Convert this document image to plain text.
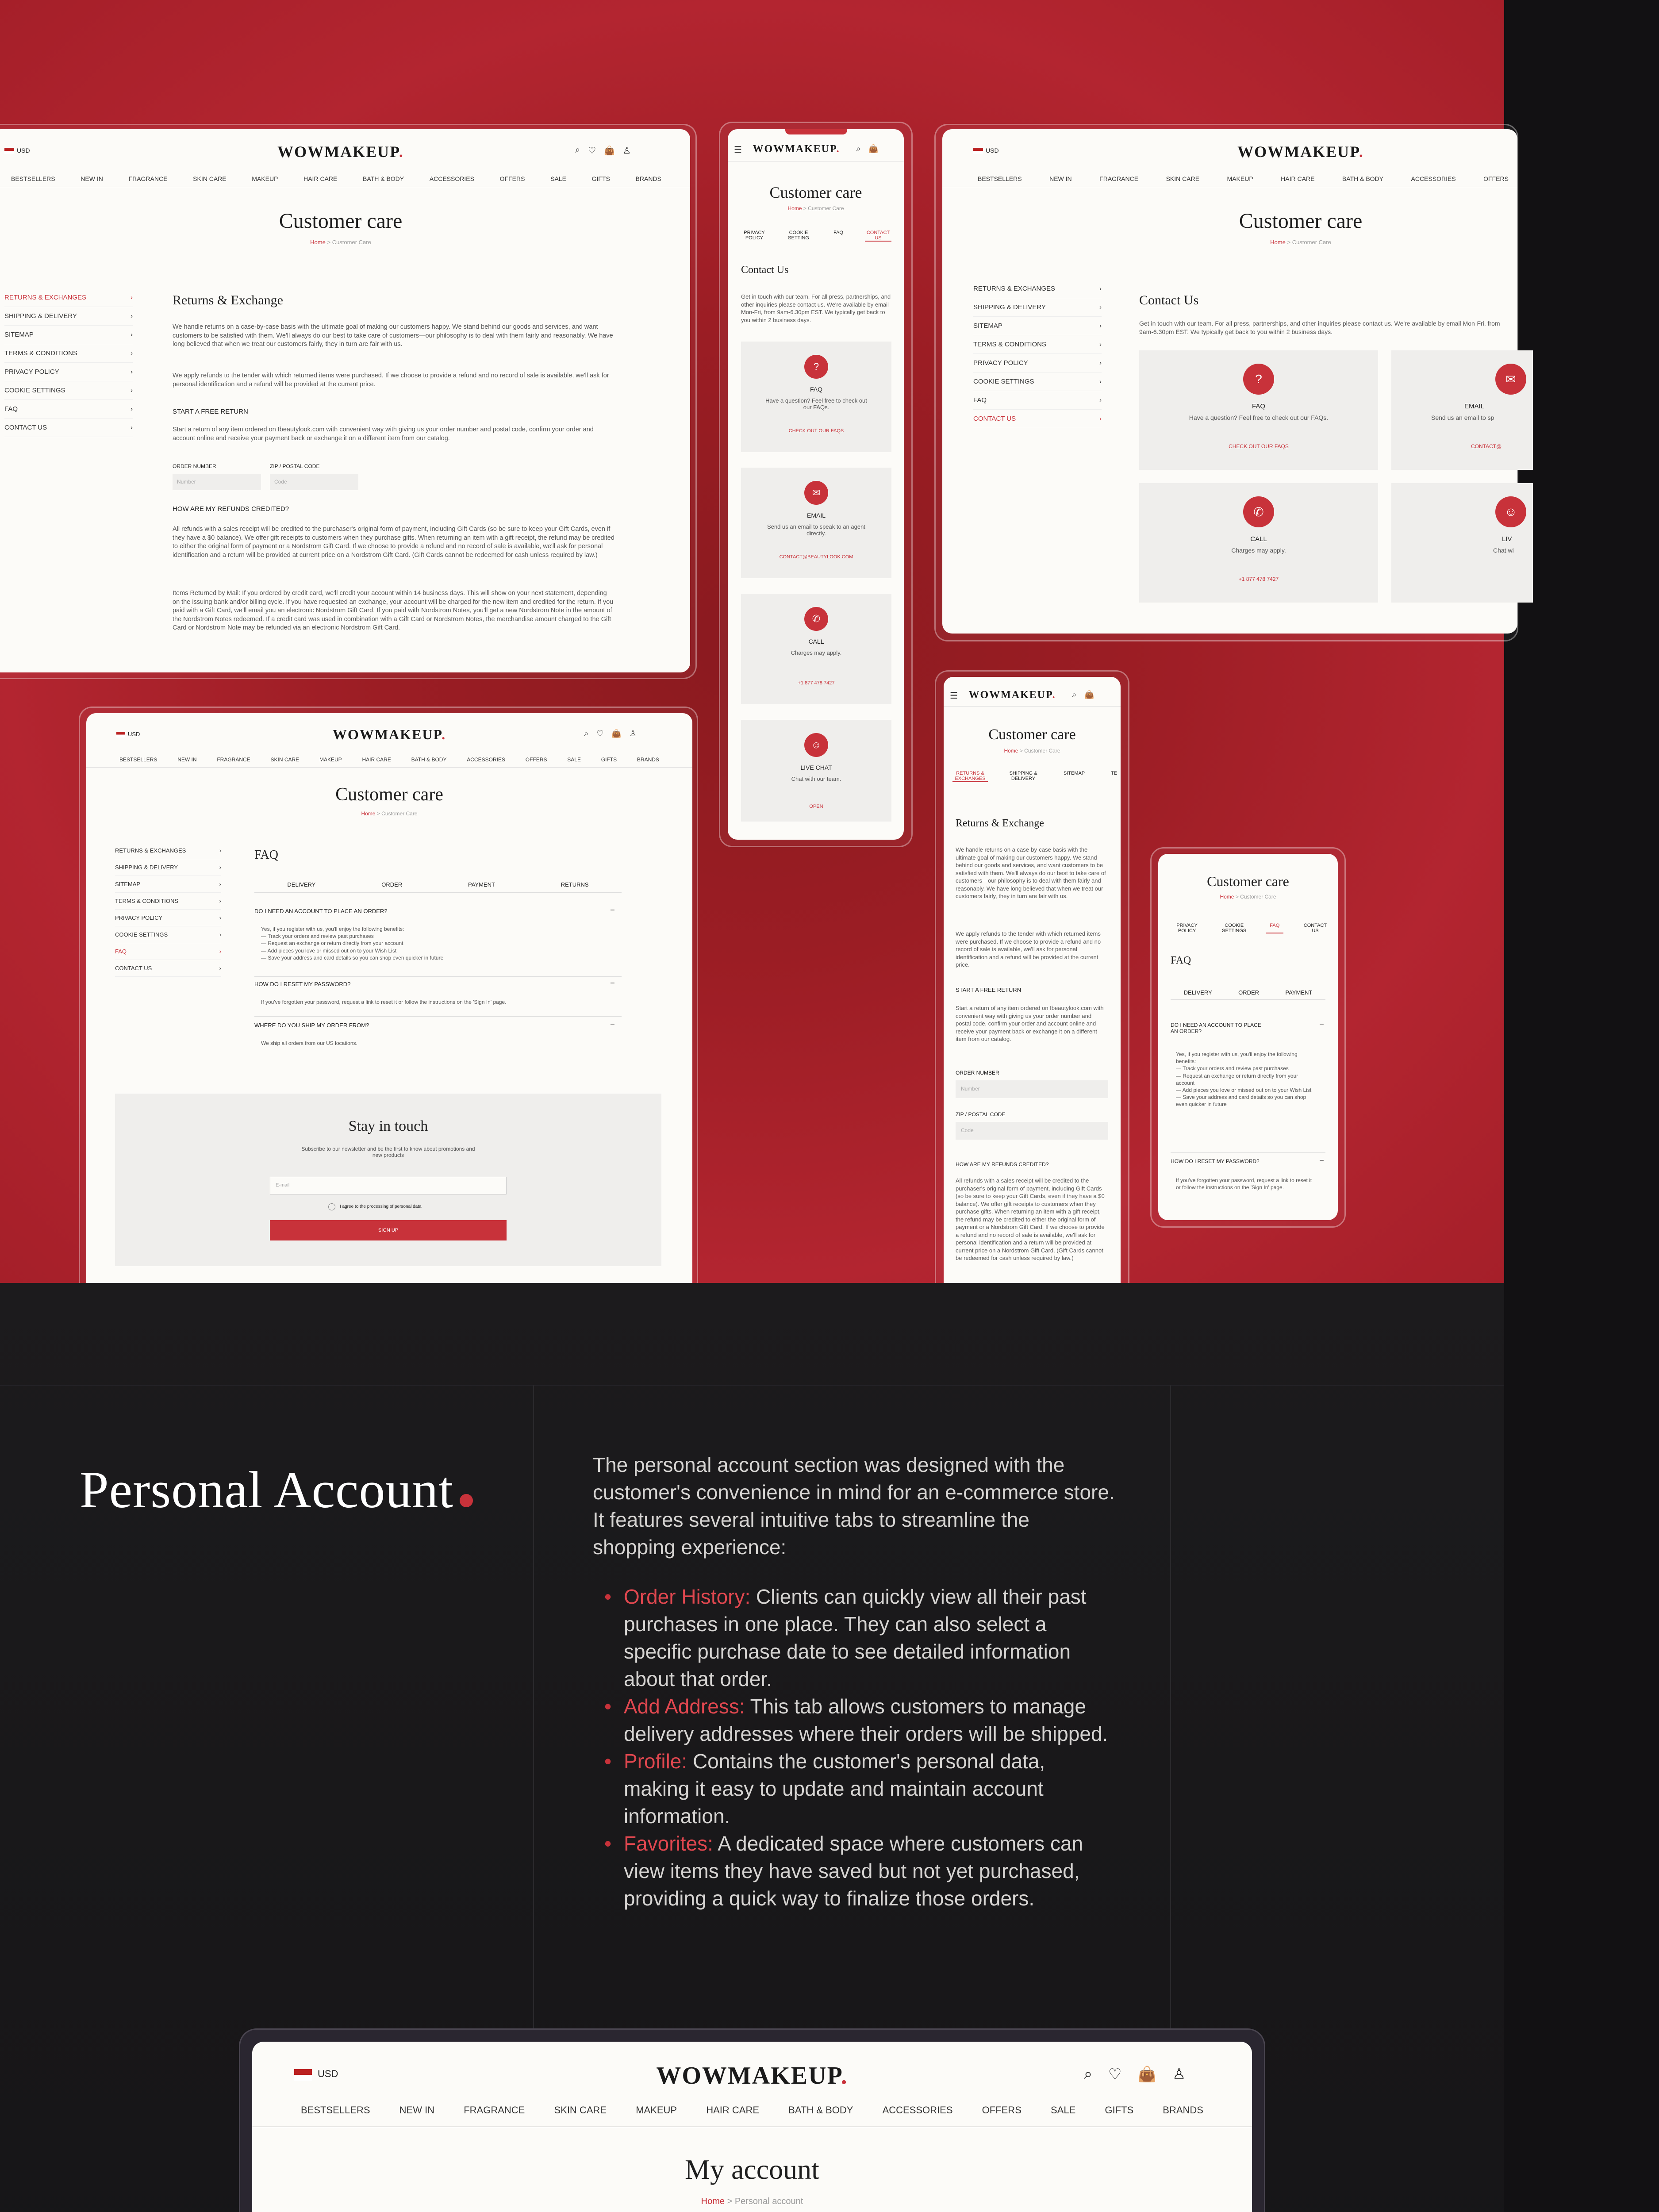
USD	WOWMAKEUP.	⌕ ♡ 👜 ♙
BESTSELLERS	NEW IN	FRAGRANCE	SKIN CARE	MAKEUP	HAIR CARE	BATH & BODY	ACCESSORIES	OFFERS	SALE	GIFTS	BRANDS
Customer care
Home > Customer Care
RETURNS & EXCHANGES	›
SHIPPING & DELIVERY	›
SITEMAP	›
TERMS & CONDITIONS	›
PRIVACY POLICY	›
COOKIE SETTINGS	›
FAQ	›
CONTACT US	›
Returns & Exchange
We handle returns on a case-by-case basis with the ultimate goal of making our customers happy. We stand behind our goods and services, and want customers to be satisfied with them. We'll always do our best to take care of customers—our philosophy is to deal with them fairly and reasonably. We have long believed that when we treat our customers fairly, they in turn are fair with us.
We apply refunds to the tender with which returned items were purchased. If we choose to provide a refund and no record of sale is available, we'll ask for personal identification and a refund will be provided at the current price.
START A FREE RETURN
Start a return of any item ordered on Ibeautylook.com with convenient way with giving us your order number and postal code, confirm your order and account online and receive your payment back or exchange it on a different item from our catalog.
ORDER NUMBER	ZIP / POSTAL CODE
Number	Code
HOW ARE MY REFUNDS CREDITED?
All refunds with a sales receipt will be credited to the purchaser's original form of payment, including Gift Cards (so be sure to keep your Gift Cards, even if they have a $0 balance). We offer gift receipts to customers when they purchase gifts. When returning an item with a gift receipt, the refund may be credited to either the original form of payment or a Nordstrom Gift Card. If we choose to provide a refund and no record of sale is available, we'll ask for personal identification and a return will be provided at current price on a Nordstrom Gift Card. (Gift Cards cannot be redeemed for cash unless required by law.)
Items Returned by Mail: If you ordered by credit card, we'll credit your account within 14 business days. This will show on your next statement, depending on the issuing bank and/or billing cycle. If you have requested an exchange, your account will be charged for the new item and credited for the return. If you paid with a Gift Card, we'll email you an electronic Nordstrom Gift Card. If you paid with Nordstrom Notes, you'll get a new Nordstrom Note in the amount of the Nordstrom Notes redeemed. If a credit card was used in combination with a Gift Card or Nordstrom Notes, the merchandise amount charged to the Gift Card or Nordstrom Note may be refunded via an electronic Nordstrom Gift Card.
☰	WOWMAKEUP.	⌕ 👜
Customer care
Home > Customer Care
PRIVACY POLICY
COOKIE SETTING
FAQ	CONTACT US
Contact Us
Get in touch with our team. For all press, partnerships, and other inquiries please contact us. We're available by email Mon-Fri, from 9am-6.30pm EST. We typically get back to you within 2 business days.
?
FAQ
Have a question? Feel free to check out our FAQs.
CHECK OUT OUR FAQS
✉
EMAIL
Send us an email to speak to an agent directly.
CONTACT@BEAUTYLOOK.COM
✆
CALL
Charges may apply.
+1 877 478 7427
☺
LIVE CHAT
Chat with our team.
OPEN
USD	WOWMAKEUP.
BESTSELLERS	NEW IN	FRAGRANCE	SKIN CARE	MAKEUP	HAIR CARE	BATH & BODY	ACCESSORIES	OFFERS
Customer care
Home > Customer Care
RETURNS & EXCHANGES	›
SHIPPING & DELIVERY	›
SITEMAP	›
TERMS & CONDITIONS	›
PRIVACY POLICY	›
COOKIE SETTINGS	›
FAQ	›
CONTACT US	›
Contact Us
Get in touch with our team. For all press, partnerships, and other inquiries please contact us. We're available by email Mon-Fri, from 9am-6.30pm EST. We typically get back to you within 2 business days.
?
FAQ
Have a question? Feel free to check out our FAQs.
CHECK OUT OUR FAQS
✉
EMAIL
Send us an email to sp
CONTACT@
✆
CALL
Charges may apply.
+1 877 478 7427
☺
LIV
Chat wi
USD	WOWMAKEUP.	⌕ ♡ 👜 ♙
BESTSELLERS	NEW IN	FRAGRANCE	SKIN CARE	MAKEUP	HAIR CARE	BATH & BODY	ACCESSORIES	OFFERS	SALE	GIFTS	BRANDS
Customer care
Home > Customer Care
RETURNS & EXCHANGES	›
SHIPPING & DELIVERY	›
SITEMAP	›
TERMS & CONDITIONS	›
PRIVACY POLICY	›
COOKIE SETTINGS	›
FAQ	›
CONTACT US	›
FAQ
DELIVERY	ORDER	PAYMENT	RETURNS
DO I NEED AN ACCOUNT TO PLACE AN ORDER?	–
Yes, if you register with us, you'll enjoy the following benefits:
— Track your orders and review past purchases
— Request an exchange or return directly from your account
— Add pieces you love or missed out on to your Wish List
— Save your address and card details so you can shop even quicker in future
HOW DO I RESET MY PASSWORD?	–
If you've forgotten your password, request a link to reset it or follow the instructions on the 'Sign In' page.
WHERE DO YOU SHIP MY ORDER FROM?	–
We ship all orders from our US locations.
Stay in touch
Subscribe to our newsletter and be the first to know about promotions and new products
E-mail
I agree to the processing of personal data
SIGN UP
☰	WOWMAKEUP.	⌕ 👜
Customer care
Home > Customer Care
RETURNS & EXCHANGES
SHIPPING & DELIVERY
SITEMAP	TE
Returns & Exchange
We handle returns on a case-by-case basis with the ultimate goal of making our customers happy. We stand behind our goods and services, and want customers to be satisfied with them. We'll always do our best to take care of customers—our philosophy is to deal with them fairly and reasonably. We have long believed that when we treat our customers fairly, they in turn are fair with us.
We apply refunds to the tender with which returned items were purchased. If we choose to provide a refund and no record of sale is available, we'll ask for personal identification and a refund will be provided at the current price.
START A FREE RETURN
Start a return of any item ordered on Ibeautylook.com with convenient way with giving us your order number and postal code, confirm your order and account online and receive your payment back or exchange it on a different item from our catalog.
ORDER NUMBER
Number
ZIP / POSTAL CODE
Code
HOW ARE MY REFUNDS CREDITED?
All refunds with a sales receipt will be credited to the purchaser's original form of payment, including Gift Cards (so be sure to keep your Gift Cards, even if they have a $0 balance). We offer gift receipts to customers when they purchase gifts. When returning an item with a gift receipt, the refund may be credited to either the original form of payment or a Nordstrom Gift Card. If we choose to provide a refund and no record of sale is available, we'll ask for personal identification and a return will be provided at current price on a Nordstrom Gift Card. (Gift Cards cannot be redeemed for cash unless required by law.)
Customer care
Home > Customer Care
PRIVACY POLICY
COOKIE SETTINGS
FAQ	CONTACT US
FAQ
DELIVERY	ORDER	PAYMENT
DO I NEED AN ACCOUNT TO PLACE AN ORDER?
–
Yes, if you register with us, you'll enjoy the following benefits:
— Track your orders and review past purchases
— Request an exchange or return directly from your account
— Add pieces you love or missed out on to your Wish List
— Save your address and card details so you can shop even quicker in future
HOW DO I RESET MY PASSWORD?	–
If you've forgotten your password, request a link to reset it or follow the instructions on the 'Sign In' page.
Personal Account	The personal account section was designed with the customer's convenience in mind for an e-commerce store. It features several intuitive tabs to streamline the shopping experience:
• Order History: Clients can quickly view all their past purchases in one place. They can also select a specific purchase date to see detailed information about that order.
• Add Address: This tab allows customers to manage delivery addresses where their orders will be shipped.
• Profile: Contains the customer's personal data, making it easy to update and maintain account information.
• Favorites: A dedicated space where customers can view items they have saved but not yet purchased, providing a quick way to finalize those orders.
USD	WOWMAKEUP.	⌕ ♡ 👜 ♙
BESTSELLERS	NEW IN	FRAGRANCE	SKIN CARE	MAKEUP	HAIR CARE	BATH & BODY	ACCESSORIES	OFFERS	SALE	GIFTS	BRANDS
My account
Home > Personal account
